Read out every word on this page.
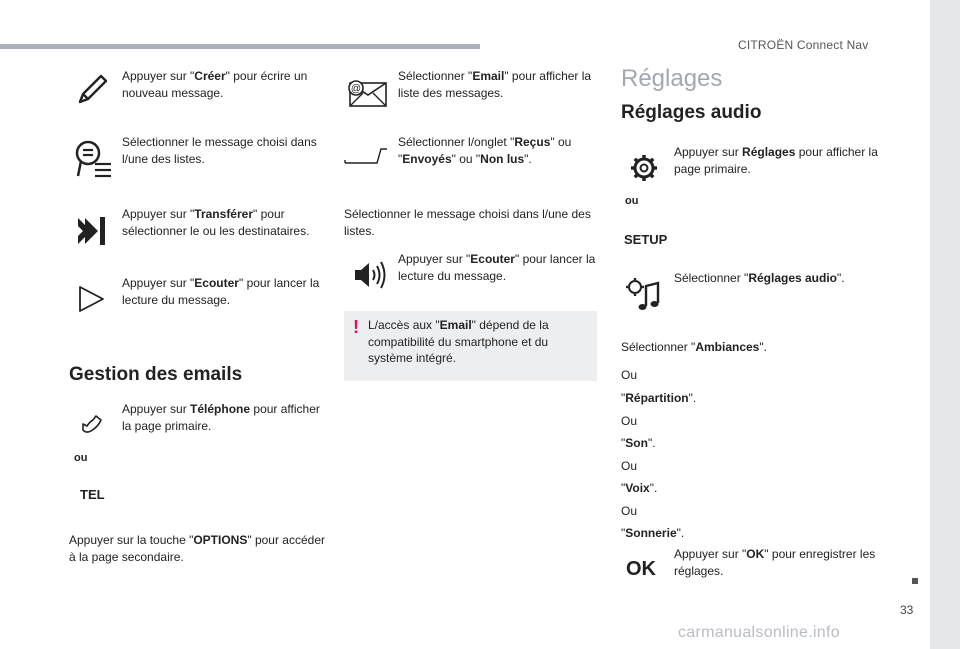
CITROËN Connect Nav
33
carmanualsonline.info
Appuyer sur "Créer" pour écrire un nouveau message.
Sélectionner le message choisi dans l/une des listes.
Appuyer sur "Transférer" pour sélectionner le ou les destinataires.
Appuyer sur "Ecouter" pour lancer la lecture du message.
Gestion des emails
ou
TEL
Appuyer sur Téléphone pour afficher la page primaire.
Appuyer sur la touche "OPTIONS" pour accéder à la page secondaire.
@
Sélectionner "Email" pour afficher la liste des messages.
Sélectionner l/onglet "Reçus" ou "Envoyés" ou "Non lus".
Sélectionner le message choisi dans l/une des listes.
Appuyer sur "Ecouter" pour lancer la lecture du message.
! L/accès aux "Email" dépend de la compatibilité du smartphone et du système intégré.
Réglages
Réglages audio
ou
SETUP
Appuyer sur Réglages pour afficher la page primaire.
Sélectionner "Réglages audio".
Sélectionner "Ambiances".
Ou
"Répartition".
Ou
"Son".
Ou
"Voix".
Ou
"Sonnerie".
OK
Appuyer sur "OK" pour enregistrer les réglages.
